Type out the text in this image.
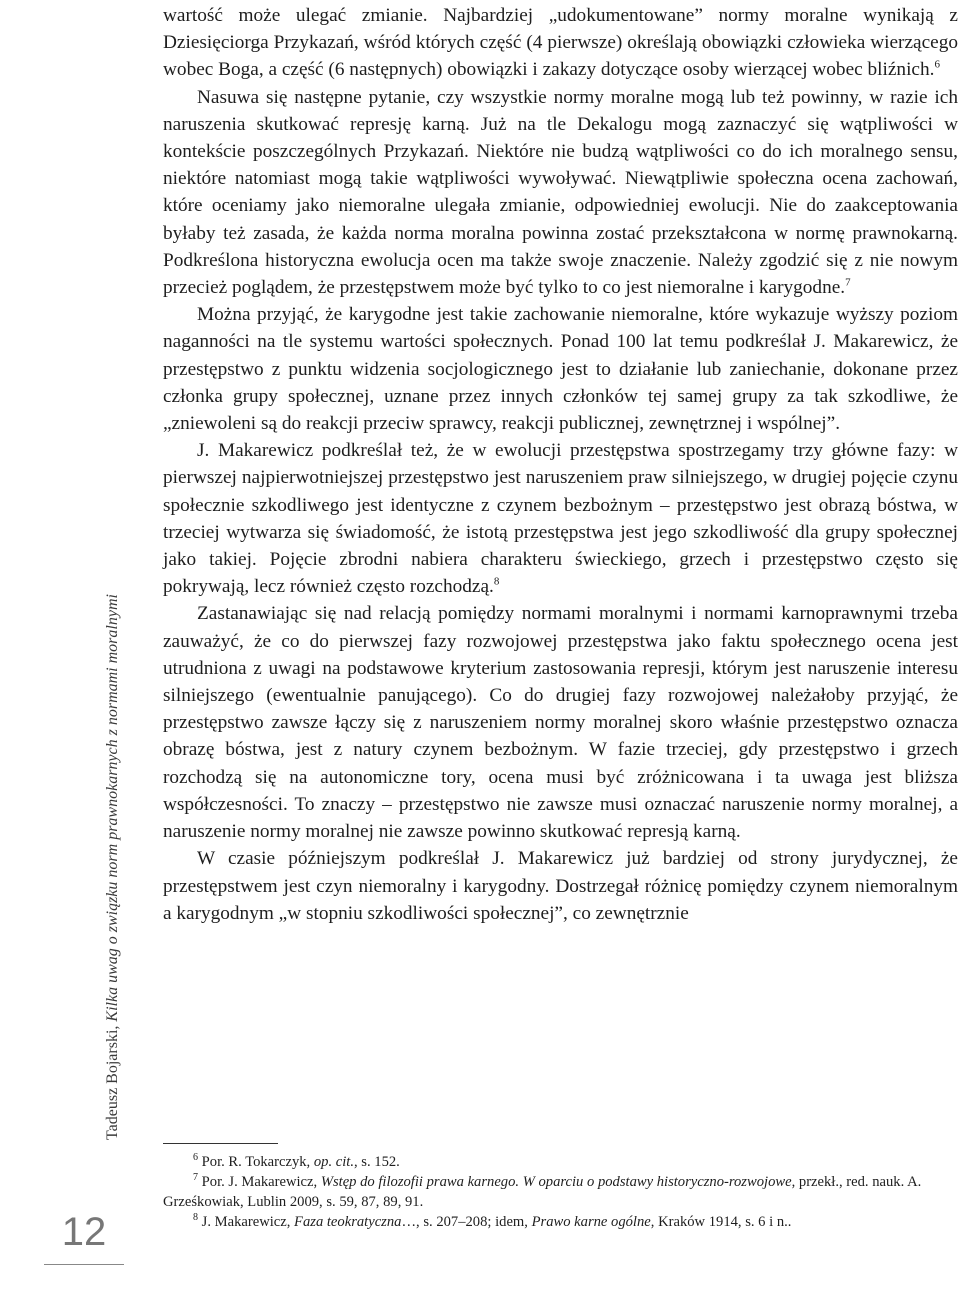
Tadeusz Bojarski, Kilka uwag o związku norm prawnokarnych z normami moralnymi
12

wartość może ulegać zmianie. Najbardziej „udokumentowane” normy moralne wynikają z Dziesięciorga Przykazań, wśród których część (4 pierwsze) określają obowiązki człowieka wierzącego wobec Boga, a część (6 następnych) obowiązki i zakazy dotyczące osoby wierzącej wobec bliźnich.$^6$

Nasuwa się następne pytanie, czy wszystkie normy moralne mogą lub też powinny, w razie ich naruszenia skutkować represję karną. Już na tle Dekalogu mogą zaznaczyć się wątpliwości w kontekście poszczególnych Przykazań. Niektóre nie budzą wątpliwości co do ich moralnego sensu, niektóre natomiast mogą takie wątpliwości wywoływać. Niewątpliwie społeczna ocena zachowań, które oceniamy jako niemoralne ulegała zmianie, odpowiedniej ewolucji. Nie do zaakceptowania byłaby też zasada, że każda norma moralna powinna zostać przekształcona w normę prawnokarną. Podkreślona historyczna ewolucja ocen ma także swoje znaczenie. Należy zgodzić się z nie nowym przecież poglądem, że przestępstwem może być tylko to co jest niemoralne i karygodne.$^7$

Można przyjąć, że karygodne jest takie zachowanie niemoralne, które wykazuje wyższy poziom naganności na tle systemu wartości społecznych. Ponad 100 lat temu podkreślał J. Makarewicz, że przestępstwo z punktu widzenia socjologicznego jest to działanie lub zaniechanie, dokonane przez członka grupy społecznej, uznane przez innych członków tej samej grupy za tak szkodliwe, że „zniewoleni są do reakcji przeciw sprawcy, reakcji publicznej, zewnętrznej i wspólnej”.

J. Makarewicz podkreślał też, że w ewolucji przestępstwa spostrzegamy trzy główne fazy: w pierwszej najpierwotniejszej przestępstwo jest naruszeniem praw silniejszego, w drugiej pojęcie czynu społecznie szkodliwego jest identyczne z czynem bezbożnym – przestępstwo jest obrazą bóstwa, w trzeciej wytwarza się świadomość, że istotą przestępstwa jest jego szkodliwość dla grupy społecznej jako takiej. Pojęcie zbrodni nabiera charakteru świeckiego, grzech i przestępstwo często się pokrywają, lecz również często rozchodzą.$^8$

Zastanawiając się nad relacją pomiędzy normami moralnymi i normami karnoprawnymi trzeba zauważyć, że co do pierwszej fazy rozwojowej przestępstwa jako faktu społecznego ocena jest utrudniona z uwagi na podstawowe kryterium zastosowania represji, którym jest naruszenie interesu silniejszego (ewentualnie panującego). Co do drugiej fazy rozwojowej należałoby przyjąć, że przestępstwo zawsze łączy się z naruszeniem normy moralnej skoro właśnie przestępstwo oznacza obrazę bóstwa, jest z natury czynem bezbożnym. W fazie trzeciej, gdy przestępstwo i grzech rozchodzą się na autonomiczne tory, ocena musi być zróżnicowana i ta uwaga jest bliższa współczesności. To znaczy – przestępstwo nie zawsze musi oznaczać naruszenie normy moralnej, a naruszenie normy moralnej nie zawsze powinno skutkować represją karną.

W czasie późniejszym podkreślał J. Makarewicz już bardziej od strony jurydycznej, że przestępstwem jest czyn niemoralny i karygodny. Dostrzegał różnicę pomiędzy czynem niemoralnym a karygodnym „w stopniu szkodliwości społecznej”, co zewnętrznie

$^6$ Por. R. Tokarczyk, op. cit., s. 152.

$^7$ Por. J. Makarewicz, Wstęp do filozofii prawa karnego. W oparciu o podstawy historyczno-rozwojowe, przekł., red. nauk. A. Grześkowiak, Lublin 2009, s. 59, 87, 89, 91.

$^8$ J. Makarewicz, Faza teokratyczna…, s. 207–208; idem, Prawo karne ogólne, Kraków 1914, s. 6 i n..
